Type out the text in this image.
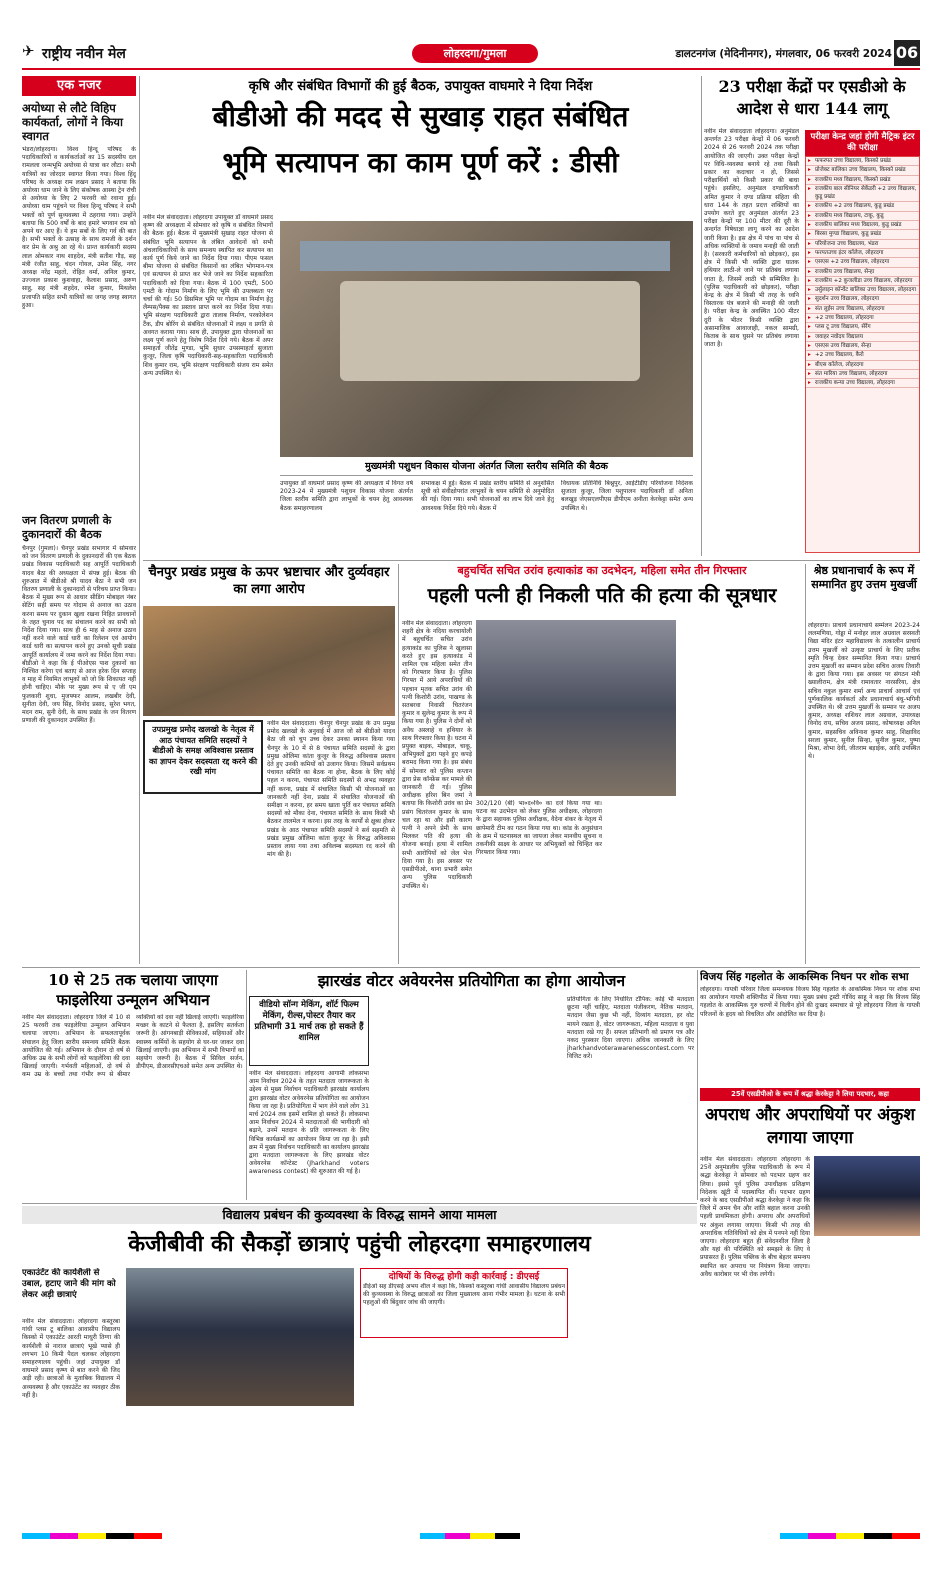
✈ राष्ट्रीय नवीन मेल	लोहरदगा/गुमला	डालटनगंज (मेदिनीनगर), मंगलवार, 06 फरवरी 2024 06
एक नजर
अयोध्या से लौटे विहिप कार्यकर्ता, लोगों ने किया स्वागत
भंडरा/लोहरदगा। विश्व हिन्दू परिषद के पदाधिकारियों व कार्यकर्ताओं का 15 सदस्यीय दल रामलला जन्मभूमि अयोध्या से यात्रा कर लौटा। सभी यात्रियों का जोरदार स्वागत किया गया। विश्व हिंदू परिषद के अध्यक्ष राम लखन प्रसाद ने बताया कि अयोध्या धाम जाने के लिए संकोषक आस्था ट्रेन रांची से अयोध्या के लिए 2 फरवरी को रवाना हुई। अयोध्या धाम पहुंचने पर विश्व हिन्दू परिषद ने सभी भक्तों को पूर्ण सुव्यवस्था में ठहराया गया। उन्होंने बताया कि 500 वर्षों के बाद हमारे भगवान राम को अपने घर आए हैं। ये हम सबों के लिए गर्व की बात है। सभी भक्तों के उत्साह के साथ रामजी के दर्शन कर प्रेम के अश्रु आ रहे थे। प्रान्त कार्यकारी सदस्य लाल ओमकार नाथ शाहदेव, मंत्री सतीश गौड़, सह मंत्री रंजीत साहु, चंदन गोयल, उमेश सिंह, नगर अध्यक्ष नरेंद्र महतो, रोहित वर्मा, अनिल कुमार, उज्ज्वल प्रकाश कुशवाहा, कैलाश प्रसाद, अरुण साहु, सह मंत्री शहदेव, रमेश कुमार, मिथलेश प्रजापति सहित सभी यात्रियों का जगह जगह स्वागत हुआ।
जन वितरण प्रणाली के दुकानदारों की बैठक
चैनपुर (गुमला)। चैनपुर प्रखंड सभागार में सोमवार को जन वितरण प्रणाली के दुकानदारों की एक बैठक प्रखंड विकास पदाधिकारी सह आपूर्ति पदाधिकारी यादव बैठा की अध्यक्षता में संपन्न हुई। बैठक की शुरुआत में बीडीओ श्री यादव बैठा ने सभी जन वितरण प्रणाली के दुकानदारों से परिचय प्राप्त किया। बैठक में मुख्य रूप से आधार सीडिंग मोबाइल नंबर सेटिंग सही समय पर गोदाम से अनाज का उठाव करना समय पर दुकान खुला रखना निहित प्रावधानों के तहत चुनाव पद का संचालन करने का सभी को निर्देश दिया गया। साथ ही 6 माह से अनाज उठाव नहीं करने वाले कार्ड धारी का रिलेशन एवं आयोग कार्ड धारी का सत्यापन करने हुए उनको सूची प्रखंड आपूर्ति कार्यालय में जमा करने का निर्देश दिया गया। बीडीओ ने कहा कि ई पीओएस पाश दुकानों का निश्चित करेगा एवं बताए से आज हरेक दिन सप्ताह व माह में नियमित लाभुकों को जो कि शिकायत नहीं होनी चाहिए। मौके पर मुख्य रूप से ए जी एम फुलकारी शुधा, मुजफ्फर आलम, लखबीर देवी, सुनीता देवी, जय सिंह, विनोद प्रसाद, सुरेश भगत, मदन राम, सुनी देवी, के साथ प्रखंड के जन वितरण प्रणाली की दुकानदार उपस्थित हैं।
कृषि और संबंधित विभागों की हुई बैठक, उपायुक्त वाघमारे ने दिया निर्देश
बीडीओ की मदद से सुखाड़ राहत संबंधित
भूमि सत्यापन का काम पूर्ण करें : डीसी
नवीन मेल संवाददाता। लोहरदगा उपायुक्त डॉ वाघमारे प्रसाद कृष्ण की अध्यक्षता में सोमवार को कृषि व संबंधित विभागों की बैठक हुई। बैठक में मुख्यमंत्री सुखाड़ राहत योजना से संबंधित भूमि सत्यापन के लंबित आवेदनों को सभी अंचलाधिकारियों के साथ समन्वय स्थापित कर सत्यापन का कार्य पूर्ण किये जाने का निर्देश दिया गया। पीएम फसल बीमा योजना से संबंधित किसानों का लंबित भोगमान-पत्र एवं सत्यापन से प्राप्त कर भेजे जाने का निर्देश सहकारिता पदाधिकारी को दिया गया। बैठक में 100 एमटी, 500 एमटी के गोदाम निर्माण के लिए भूमि की उपलब्धता पर चर्चा की गई। 50 डिसमिल भूमि पर गोदाम का निर्माण हेतु लैम्पस/पैक्स का प्रस्ताव प्राप्त करने का निर्देश दिया गया। भूमि संरक्षण पदाधिकारी द्वारा तालाब निर्माण, परकोलेशन टैंक, डीप बोरिंग से संबंधित योजनाओं में लक्ष्य व प्रगति से अवगत कराया गया। साथ ही, उपायुक्त द्वारा योजनाओं का लक्ष्य पूर्ण करने हेतु विशेष निर्देश दिये गये। बैठक में अपर समाहर्ता जीतेंद्र मुण्डा, भूमि सुधार उपसमाहर्ता सुजाता कुजूर, जिला कृषि पदाधिकारी-सह-सहकारिता पदाधिकारी शिव कुमार राम, भूमि संरक्षण पदाधिकारी संजय राम समेत अन्य उपस्थित थे।
मुख्यमंत्री पशुधन विकास योजना अंतर्गत जिला स्तरीय समिति की बैठक
उपायुक्त डॉ वाघमारे प्रसाद कृष्ण की अध्यक्षता में विगत वर्ष 2023-24 में मुख्यमंत्री पशुधन विकास योजना अंतर्गत जिला स्तरीय समिति द्वारा लाभुकों के चयन हेतु आवश्यक बैठक समाहरणालय
सभाकक्ष में हुई। बैठक में प्रखंड स्तरीय समिति से अनुशंसित सूची को संवीक्षोपरांत लाभुकों के चयन समिति से अनुमोदित की गई। दिया गया। सभी योजनाओं का लाभ दिये जाने हेतु आवश्यक निर्देश दिये गये। बैठक में
विधायक प्रतिनिधि बिश्नुपुर, आईटीडीए परियोजना निदेशक सुजाता कुजूर, जिला पशुपालन पदाधिकारी डॉ अनिता बलखुड़ जेएसएलपीएस डीपीएम अनीता केरकेट्टा समेत अन्य उपस्थित थे।
23 परीक्षा केंद्रों पर एसडीओ के आदेश से धारा 144 लागू
नवीन मेल संवाददाता लोहरदगा। अनुमंडल अन्तर्गत 23 परीक्षा केन्द्रों में 06 फरवरी 2024 से 26 फरवरी 2024 तक परीक्षा आयोजित की जाएगी। उक्त परीक्षा केन्द्रों पर विधि-व्यवस्था बनाये रहे तथा किसी प्रकार का कदाचार न हो, जिससे परीक्षार्थियों को किसी प्रकार की बाधा पहुंचे। इसलिए, अनुमंडल दण्डाधिकारी अमित कुमार ने दण्ड प्रक्रिया संहिता की धारा 144 के तहत प्रदत्त शक्तियों का उपयोग करते हुए अनुमंडल अंतर्गत 23 परीक्षा केन्द्रों पर 100 मीटर की दूरी के अन्दर्गत निषेधाज्ञा लागू करने का आदेश जारी किया है। इस क्षेत्र में पांच या पांच से अधिक व्यक्तियों के जमाव मनाही की जाती है। (सरकारी कर्मचारियों को छोड़कर), इस क्षेत्र में किसी भी व्यक्ति द्वारा घातक हथियार लाठी-ले जाने पर प्रतिबंध लगाया जाता है, जिसमें लाठी भी सम्मिलित है। (पुलिस पदाधिकारी को छोड़कर), परीक्षा केन्द्र के क्षेत्र में किसी भी तरह के ध्वनि विस्तारक यंत्र बजाने की मनाही की जाती है। परीक्षा केन्द्र के अवस्थित 100 मीटर दूरी के भीतर किसी व्यक्ति द्वारा असामाजिक आवाजाही, नकल सामग्री, किताब के साथ घुसने पर प्रतिबंध लगाया जाता है।
परीक्षा केन्द्र जहां होगी मैट्रिक इंटर की परीक्षा
▸ फफरपत उच्च विद्यालय, किस्को प्रखंड
▸ प्रोजेक्ट बालिका उच्च विद्यालय, किस्को प्रखंड
▸ राजकीय मध्य विद्यालय, किस्को प्रखंड
▸ राजकीय बाल सीनियर सेकेंडरी +2 उच्च विद्यालय, कुडू प्रखंड
▸ राजकीय +2 उच्च विद्यालय, कुडू प्रखंड
▸ राजकीय मध्य विद्यालय, टाकू, कुडू
▸ राजकीय बालिका मध्य विद्यालय, कुडू प्रखंड
▸ बिरसा मुण्डा विद्यालय, कुडू प्रखंड
▸ परियोजना उच्च विद्यालय, भंडरा
▸ फरपतउच्च इंटर कॉलेज, लोहरदगा
▸ एसएस +2 उच्च विद्यालय, लोहरदगा
▸ राजकीय उच्च विद्यालय, सेन्हा
▸ राजकीय +2 कुजलीडा उच्च विद्यालय, लोहरदगा
▸ उर्सुलाइन कॉन्वेंट बालिका उच्च विद्यालय, लोहरदगा
▸ सुदर्शन उच्च विद्यालय, लोहरदगा
▸ संत लुईस उच्च विद्यालय, लोहरदगा
▸ +2 उच्च विद्यालय, लोहरदगा
▸ प्लस टू उच्च विद्यालय, सेरेंग
▸ जवाहर नवोदय विद्यालय
▸ एसएस उच्च विद्यालय, सेन्हा
▸ +2 उच्च विद्यालय, कैरो
▸ बीएस कॉलेज, लोहरदगा
▸ संत मारिया उच्च विद्यालय, लोहरदगा
▸ राजकीय कन्या उच्च विद्यालय, लोहरदगा
चैनपुर प्रखंड प्रमुख के ऊपर भ्रष्टाचार और दुर्व्यवहार का लगा आरोप
उपप्रमुख प्रमोद खलखो के नेतृत्व में आठ पंचायत समिति सदस्यों ने बीडीओ के समक्ष अविश्वास प्रस्ताव का ज्ञापन देकर सदस्यता रद्द करने की रखी मांग
नवीन मेल संवाददाता। चैनपुर चैनपुर प्रखंड के उप प्रमुख प्रमोद खलखो के अनुवाई में आज जो सो बीडीओ यादव बैठा जी को चुप उच्च देकर उनका स्थानन किया गया चैनपुर के 10 में से 8 पंचायत समिति सदस्यों के द्वारा प्रमुख ओलिमा कांता कुजूर के विरुद्ध अविश्वास प्रस्ताव देते हुए उनकी कमियों को उजागर किया। जिसमें सर्वप्रथम पंचायत समिति का बैठक ना होना, बैठक के लिए कोई पहल न करना, पंचायत समिति सदस्यों से अभद्र व्यवहार नहीं करना, प्रखंड में संचालित किसी भी योजनाओं का जानकारी नहीं देना, प्रखंड में संचालित योजनाओं की समीक्षा न करना, हर समय खाता पूर्ति कर पंचायत समिति सदस्यों को मौका देना, पंचायत समिति के साथ किसी भी बैठकर तालमेल न करना। इस तरह के कार्यों से क्षुब्ध होकर प्रखंड के आठ पंचायत समिति सदस्यों ने सर्व सहमति से प्रखंड प्रमुख ओलिमा कांता कुजूर के विरुद्ध अविश्वास प्रस्ताव लाया गया तथा अविलम्ब सदस्यता रद करने की मांग की है।
बहुचर्चित सचित उरांव हत्याकांड का उदभेदन, महिला समेत तीन गिरफ्तार
पहली पत्नी ही निकली पति की हत्या की सूत्रधार
नवीन मेल संवाददाता। लोहरदगा शहरी क्षेत्र के नदिया करचायोली में बहुचर्चित सचित उरांव हत्याकांड का पुलिस ने खुलासा करते हुए इस हत्याकांड में शामिल एक महिला समेत तीन को गिरफ्तार किया है। पुलिस गिरफ्त में आये अपराधियों की पहचान मृतक सचित उरांव की पत्नी किशोरी उरांव, पाखण्ड के सतबरवा निवासी चितरंजन कुमार व सुलेन्द्र कुमार के रूप में किया गया है। पुलिस ने दोनों को अवैध अस्लाहे व हथियार के साथ गिरफ्तार किया है। घटना में प्रयुक्त बाइक, मोबाइल, चाकू, अभियुक्तों द्वारा पहने हुए कपड़े बरामद किया गया है। इस संबंध में सोमवार को पुलिस कप्तान द्वारा प्रेस कॉन्फ्रेंस कर मामले की जानकारी दी गई। पुलिस अधीक्षक हरिश बिन जमां ने बताया कि किशोरी उरांव का प्रेम प्रसंग चितरंजन कुमार के साथ चल रहा था और इसी कारण पत्नी ने अपने प्रेमी के साथ मिलकर पति की हत्या की योजना बनाई। हत्या में शामिल सभी आरोपियों को जेल भेज दिया गया है। इस अवसर पर एसडीपीओ, थाना प्रभारी समेत अन्य पुलिस पदाधिकारी उपस्थित थे।
302/120 (बी) भा०द०वि० का दर्ज किया गया था। घटना का उदभेदन को लेकर पुलिस अधीक्षक, लोहरदगा के द्वारा सहायक पुलिस अधीक्षक, वैदेना शंकर के नेतृत्व में छापेमारी टीम का गठन किया गया था। कांड के अनुसंधान के क्रम में घटनास्थल का जायजा लेकर मानवीय सूचना व तकनीकी साक्ष्य के आधार पर अभियुक्तों को चिन्हित कर गिरफ्तार किया गया।
श्रेष्ठ प्रधानाचार्य के रूप में सम्मानित हुए उत्तम मुखर्जी
लोहरदगा। प्राचार्य प्रधानाचार्य सम्मेलन 2023-24 ललमणिया, गोड्डा में मनोहर लाल अग्रवाल सरस्वती विद्या मंदिर इंटर महाविद्यालय के तत्कालीन प्राचार्य उत्तम मुखर्जी को उत्कृष्ट प्राचार्य के लिए प्रतीक स्मृति चिन्ह देकर सम्मानित किया गया। प्राचार्य उत्तम मुखर्जी का सम्मान प्रदेश सचिव अजय तिवारी के द्वारा किया गया। इस अवसर पर संगठन मंत्री ख्यालीराम, क्षेत्र मंत्री रामावतार नारसरिया, क्षेत्र सचिव नकुल कुमार शर्मा अन्य प्राचार्य आचार्य एवं पूर्णकालिक कार्यकर्ता और प्रधानाचार्य बंधु-भगिनी उपस्थित थे। श्री उत्तम मुखर्जी के सम्मान पर अजय कुमार, अध्यक्ष शशिधर लाल अग्रवाल, उपाध्यक्ष विनोद राय, सचिव अजय प्रसाद, कोषाध्यक्ष अनिल कुमार, सहसचिव अविनाश कुमार साहू, शिक्षाविद सरला कुमार, सुनील सिन्हा, सुनील कुमार, पुष्पा मिश्रा, शोभा देवी, जीतराम बड़ाईक, आदि उपस्थित थे।
10 से 25 तक चलाया जाएगा
फाइलेरिया उन्मूलन अभियान
नवीन मेल संवाददाता। लोहरदगा जिले में 10 से 25 फरवरी तक फाइलेरिया उन्मूलन अभियान चलाया जाएगा। अभियान के सफलतापूर्वक संचालन हेतु जिला स्तरीय समन्वय समिति बैठक आयोजित की गई। अभियान के दौरान दो वर्ष से अधिक उम्र के सभी लोगों को फाइलेरिया की दवा खिलाई जाएगी। गर्भवती महिलाओं, दो वर्ष से कम उम्र के बच्चों तथा गंभीर रूप से बीमार व्यक्तियों को दवा नहीं खिलाई जाएगी। फाइलेरिया मच्छर के काटने से फैलता है, इसलिए सतर्कता जरूरी है। आंगनबाड़ी सेविकाओं, सहियाओं और स्वास्थ्य कर्मियों के सहयोग से घर-घर जाकर दवा खिलाई जाएगी। इस अभियान में सभी विभागों का सहयोग जरूरी है। बैठक में सिविल सर्जन, डीपीएम, डीआरसीएचओ समेत अन्य उपस्थित थे।
झारखंड वोटर अवेयरनेस प्रतियोगिता का होगा आयोजन
वीडियो सॉन्ग मेकिंग, शॉर्ट फिल्म मेकिंग, रील्स,पोस्टर तैयार कर प्रतिभागी 31 मार्च तक हो सकते हैं शामिल
नवीन मेल संवाददाता। लोहरदगा आगामी लोकसभा आम निर्वाचन 2024 के तहत मतदाता जागरूकता के उद्देश्य से मुख्य निर्वाचन पदाधिकारी झारखंड कार्यालय द्वारा झारखंड वोटर अवेयरनेस प्रतियोगिता का आयोजन किया जा रहा है। प्रतियोगिता में भाग लेने वाले लोग 31 मार्च 2024 तक इसमें शामिल हो सकते हैं। लोकसभा आम निर्वाचन 2024 में मतदाताओं की भागीदारी को बढ़ाने, उनमें मतदान के प्रति जागरूकता के लिए विभिन्न कार्यक्रमों का आयोजन किया जा रहा है। इसी क्रम में मुख्य निर्वाचन पदाधिकारी का कार्यालय झारखंड द्वारा मतदाता जागरूकता के लिए झारखंड वोटर अवेयरनेस कॉन्टेस्ट (Jharkhand voters awareness contest) की शुरुआत की गई है।
प्रतियोगिता के लिए निर्धारित टॉपिक: कोई भी मतदाता छूटना नहीं चाहिए, मतदाता पंजीकरण, नैतिक मतदान, मतदान जैसा कुछ भी नहीं, दिव्यांग मतदाता, हर वोट मायने रखता है, वोटर जागरूकता, महिला मतदाता व युवा मतदाता रखे गए हैं। सफल प्रतिभागी को प्रमाण पत्र और नकद पुरस्कार दिया जाएगा। अधिक जानकारी के लिए jharkhandvoterawarenesscontest.com पर विजिट करें।
विजय सिंह गहलोत के आकस्मिक निधन पर शोक सभा
लोहरदगा। गायत्री परिवार जिला समन्वयक विजय सिंह गहलोत के आकस्मिक निधन पर शोक सभा का आयोजन गायत्री शक्तिपीठ में किया गया। मुख्य प्रबंध ट्रस्टी गोविंद साहू ने कहा कि विजय सिंह गहलोत के आकस्मिक गुरु चरणों में विलीन होने की दुःखद समाचार से पूरे लोहरदगा जिला के गायत्री परिजनों के हृदय को विचलित और आंदोलित कर दिया है।
25वें एसडीपीओ के रूप में श्रद्धा केरकेट्टा ने लिया पदभार, कहा
अपराध और अपराधियों पर अंकुश लगाया जाएगा
नवीन मेल संवाददाता। लोहरदगा लोहरदगा के 25वें अनुमंडलीय पुलिस पदाधिकारी के रूप में श्रद्धा केरकेट्टा ने सोमवार को पदभार ग्रहण कर लिया। इससे पूर्व पुलिस उपाधीक्षक प्रशिक्षण निदेशक खूंटी में पदस्थापित थीं। पदभार ग्रहण करने के बाद एसडीपीओ श्रद्धा केरकेट्टा ने कहा कि जिले में अमन चैन और शांति बहाल करना उनकी पहली प्राथमिकता होगी। अपराध और अपराधियों पर अंकुश लगाया जाएगा। किसी भी तरह की अपराधिक गतिविधियों को क्षेत्र में पनपने नहीं दिया जाएगा। लोहरदगा बहुत ही संवेदनशील जिला है और यहां की परिस्थिति को समझने के लिए वे प्रयासरत हैं। पुलिस पब्लिक के बीच बेहतर समन्वय स्थापित कर अपराध पर नियंत्रण किया जाएगा। अवैध कारोबार पर भी रोक लगेगी।
विद्यालय प्रबंधन की कुव्यवस्था के विरुद्ध सामने आया मामला
केजीबीवी की सैकड़ों छात्राएं पहुंची लोहरदगा समाहरणालय
एकाउंटेंट की कार्यशैली से उबाल, हटाए जाने की मांग को लेकर अड़ी छात्राएं
नवीन मेल संवाददाता। लोहरदगा कस्तूरबा गांधी प्लस टू बालिका आवासीय विद्यालय किस्को में एकाउंटेंट आरती माधुरी तिग्गा की कार्यशैली से नाराज छात्राएं भूखे प्यासे ही लगभग 10 किमी पैदल चलकर लोहरदगा समाहरणालय पहुंची। जहां उपायुक्त डॉ वाघमारे प्रसाद कृष्ण से बात करने की जिद अड़ी रही। छात्राओं के मुताबिक विद्यालय में अव्यवस्था है और एकाउंटेंट का व्यवहार ठीक नहीं है।
दोषियों के विरुद्ध होगी कड़ी कार्रवाई : डीएसई
डीईओ सह डीएसई अभय शील ने कहा कि, किस्को कस्तूरबा गांधी आवासीय विद्यालय प्रबंधन की कुव्यवस्था के विरुद्ध छात्राओं का जिला मुख्यालय आना गंभीर मामला है। घटना के सभी पहलुओं की बिंदुवार जांच की जाएगी।
